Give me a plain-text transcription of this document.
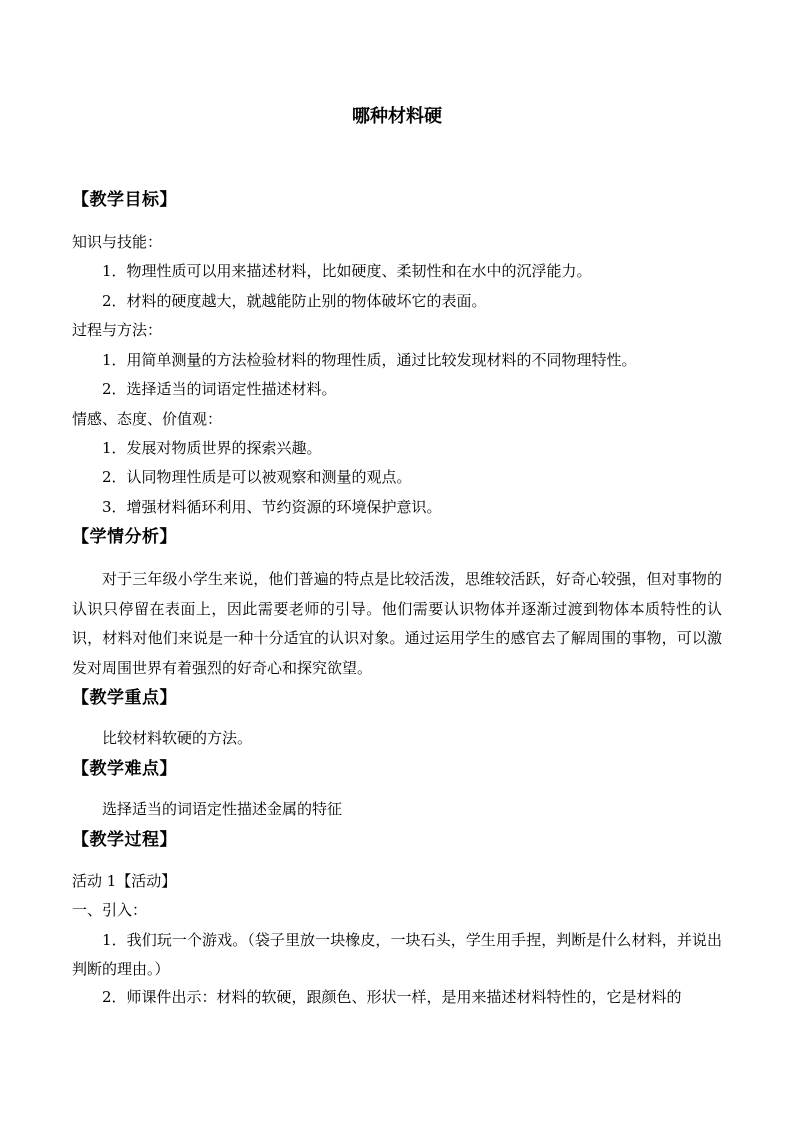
哪种材料硬
【教学目标】
知识与技能：
1．物理性质可以用来描述材料，比如硬度、柔韧性和在水中的沉浮能力。
2．材料的硬度越大，就越能防止别的物体破坏它的表面。
过程与方法：
1．用简单测量的方法检验材料的物理性质，通过比较发现材料的不同物理特性。
2．选择适当的词语定性描述材料。
情感、态度、价值观：
1．发展对物质世界的探索兴趣。
2．认同物理性质是可以被观察和测量的观点。
3．增强材料循环利用、节约资源的环境保护意识。
【学情分析】
对于三年级小学生来说，他们普遍的特点是比较活泼，思维较活跃，好奇心较强，但对事物的认识只停留在表面上，因此需要老师的引导。他们需要认识物体并逐渐过渡到物体本质特性的认识，材料对他们来说是一种十分适宜的认识对象。通过运用学生的感官去了解周围的事物，可以激发对周围世界有着强烈的好奇心和探究欲望。
【教学重点】
比较材料软硬的方法。
【教学难点】
选择适当的词语定性描述金属的特征
【教学过程】
活动 1【活动】
一、引入：
1．我们玩一个游戏。（袋子里放一块橡皮，一块石头，学生用手捏，判断是什么材料，并说出判断的理由。）
2．师课件出示：材料的软硬，跟颜色、形状一样，是用来描述材料特性的，它是材料的
